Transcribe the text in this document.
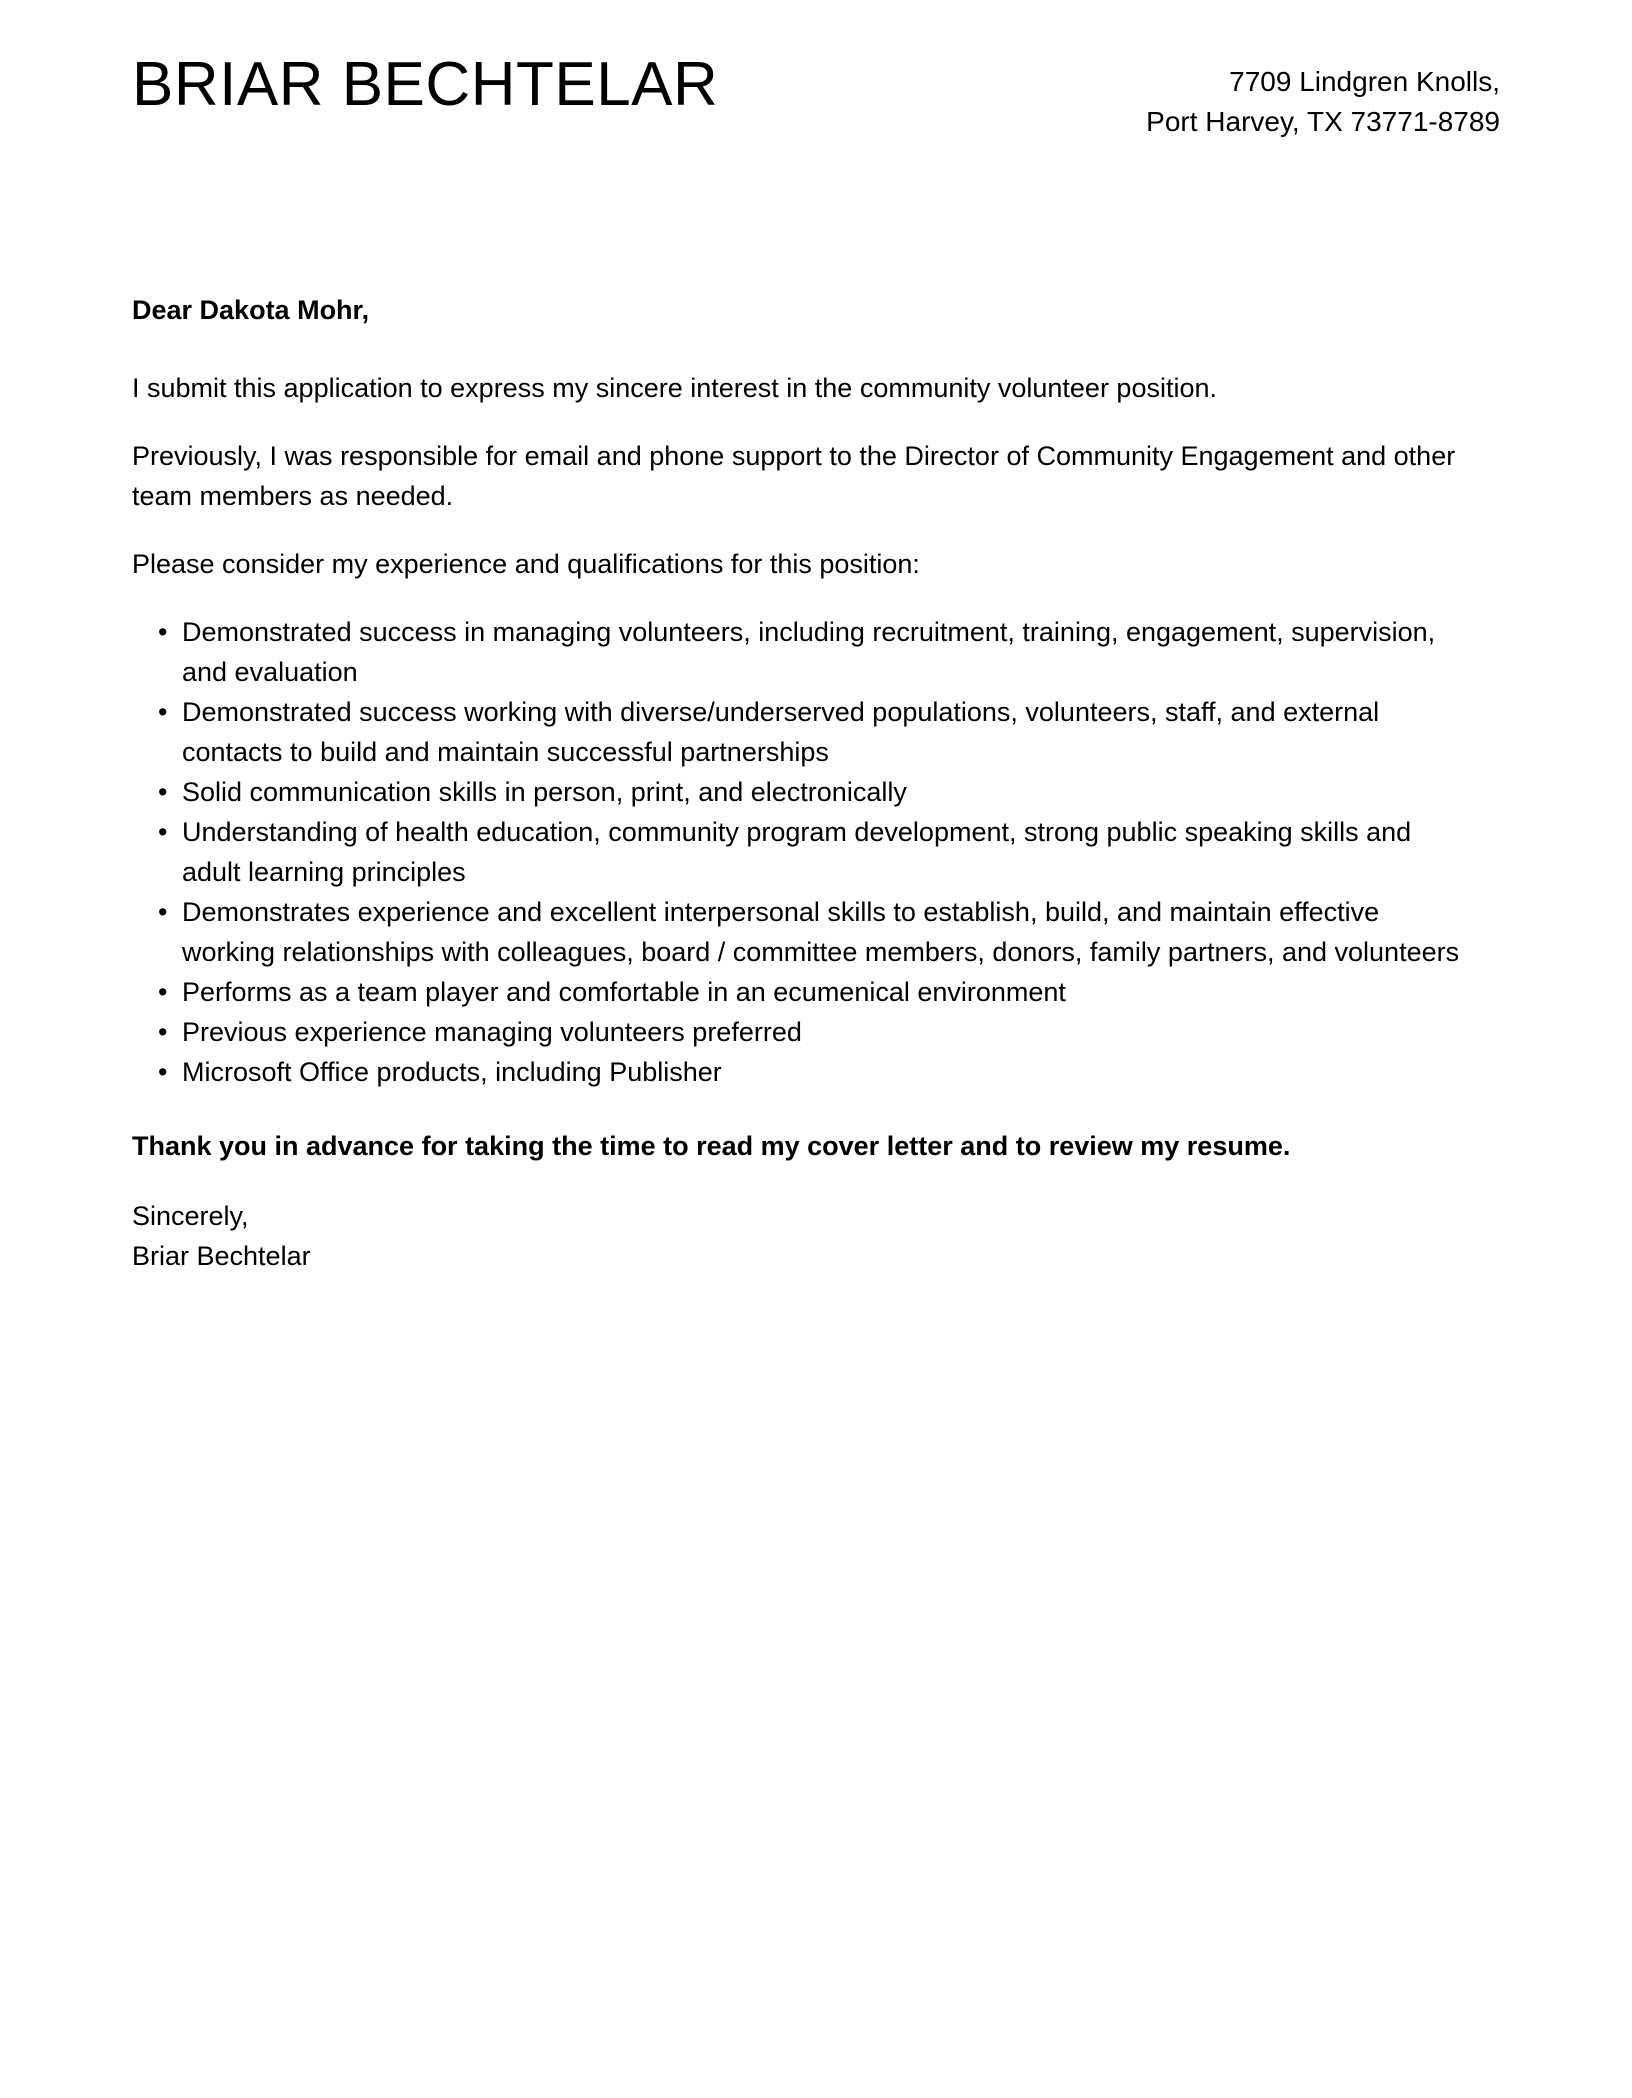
BRIAR BECHTELAR	7709 Lindgren Knolls,
Port Harvey, TX 73771-8789

Dear Dakota Mohr,

I submit this application to express my sincere interest in the community volunteer position.

Previously, I was responsible for email and phone support to the Director of Community Engagement and other team members as needed.

Please consider my experience and qualifications for this position:

• Demonstrated success in managing volunteers, including recruitment, training, engagement, supervision, and evaluation
• Demonstrated success working with diverse/underserved populations, volunteers, staff, and external contacts to build and maintain successful partnerships
• Solid communication skills in person, print, and electronically
• Understanding of health education, community program development, strong public speaking skills and adult learning principles
• Demonstrates experience and excellent interpersonal skills to establish, build, and maintain effective working relationships with colleagues, board / committee members, donors, family partners, and volunteers
• Performs as a team player and comfortable in an ecumenical environment
• Previous experience managing volunteers preferred
• Microsoft Office products, including Publisher

Thank you in advance for taking the time to read my cover letter and to review my resume.

Sincerely,
Briar Bechtelar
